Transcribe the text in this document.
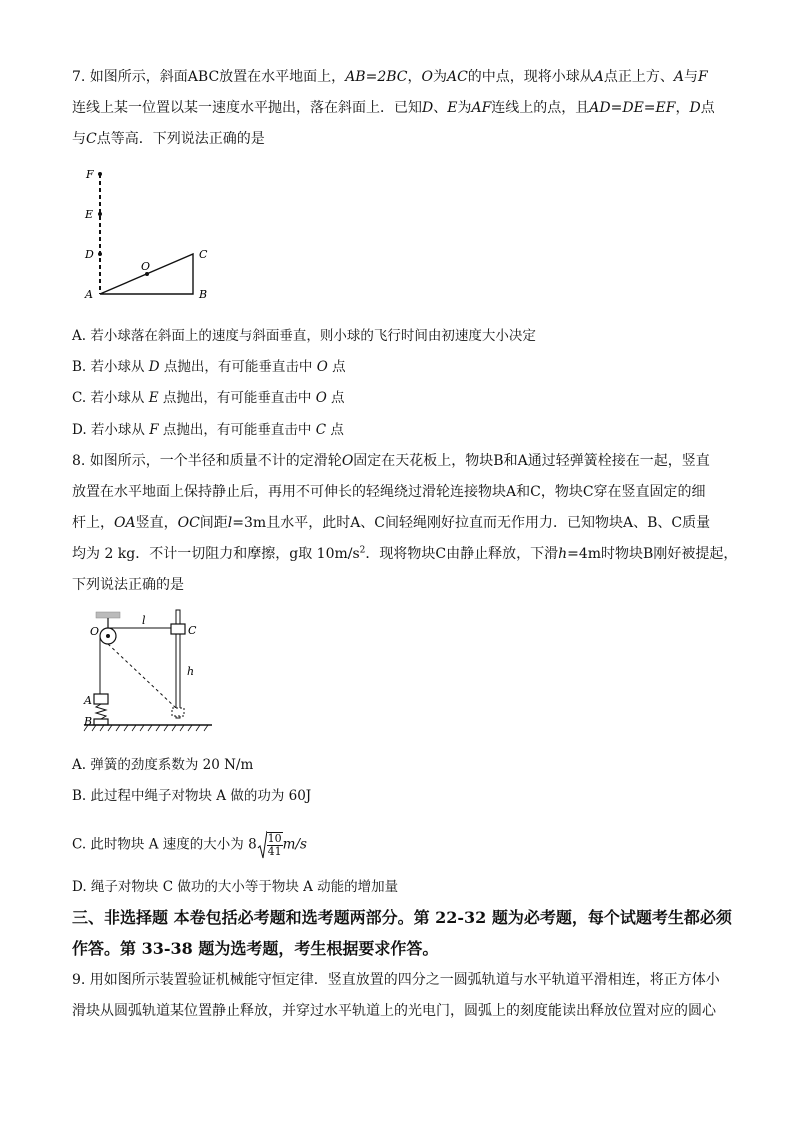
7. 如图所示，斜面ABC放置在水平地面上，AB=2BC，O为AC的中点，现将小球从A点正上方、A与F
连线上某一位置以某一速度水平抛出，落在斜面上．已知D、E为AF连线上的点，且AD=DE=EF，D点
与C点等高．下列说法正确的是
F
E
D
A
O
C
B
A. 若小球落在斜面上的速度与斜面垂直，则小球的飞行时间由初速度大小决定
B. 若小球从 D 点抛出，有可能垂直击中 O 点
C. 若小球从 E 点抛出，有可能垂直击中 O 点
D. 若小球从 F 点抛出，有可能垂直击中 C 点
8. 如图所示，一个半径和质量不计的定滑轮O固定在天花板上，物块B和A通过轻弹簧栓接在一起，竖直
放置在水平地面上保持静止后，再用不可伸长的轻绳绕过滑轮连接物块A和C，物块C穿在竖直固定的细
杆上，OA竖直，OC间距l=3m且水平，此时A、C间轻绳刚好拉直而无作用力．已知物块A、B、C质量
均为 2 kg．不计一切阻力和摩擦，g取 $10m/s^2$．现将物块C由静止释放，下滑h=4m时物块B刚好被提起，
下列说法正确的是
O
l
C
h
A
B
A. 弹簧的劲度系数为 20 N/m
B. 此过程中绳子对物块 A 做的功为 60J
C. 此时物块 A 速度的大小为 $8 \frac{10}{41} m/s$
D. 绳子对物块 C 做功的大小等于物块 A 动能的增加量
三、非选择题 本卷包括必考题和选考题两部分。第 22-32 题为必考题，每个试题考生都必须
作答。第 33-38 题为选考题，考生根据要求作答。
9. 用如图所示装置验证机械能守恒定律．竖直放置的四分之一圆弧轨道与水平轨道平滑相连，将正方体小
滑块从圆弧轨道某位置静止释放，并穿过水平轨道上的光电门，圆弧上的刻度能读出释放位置对应的圆心
